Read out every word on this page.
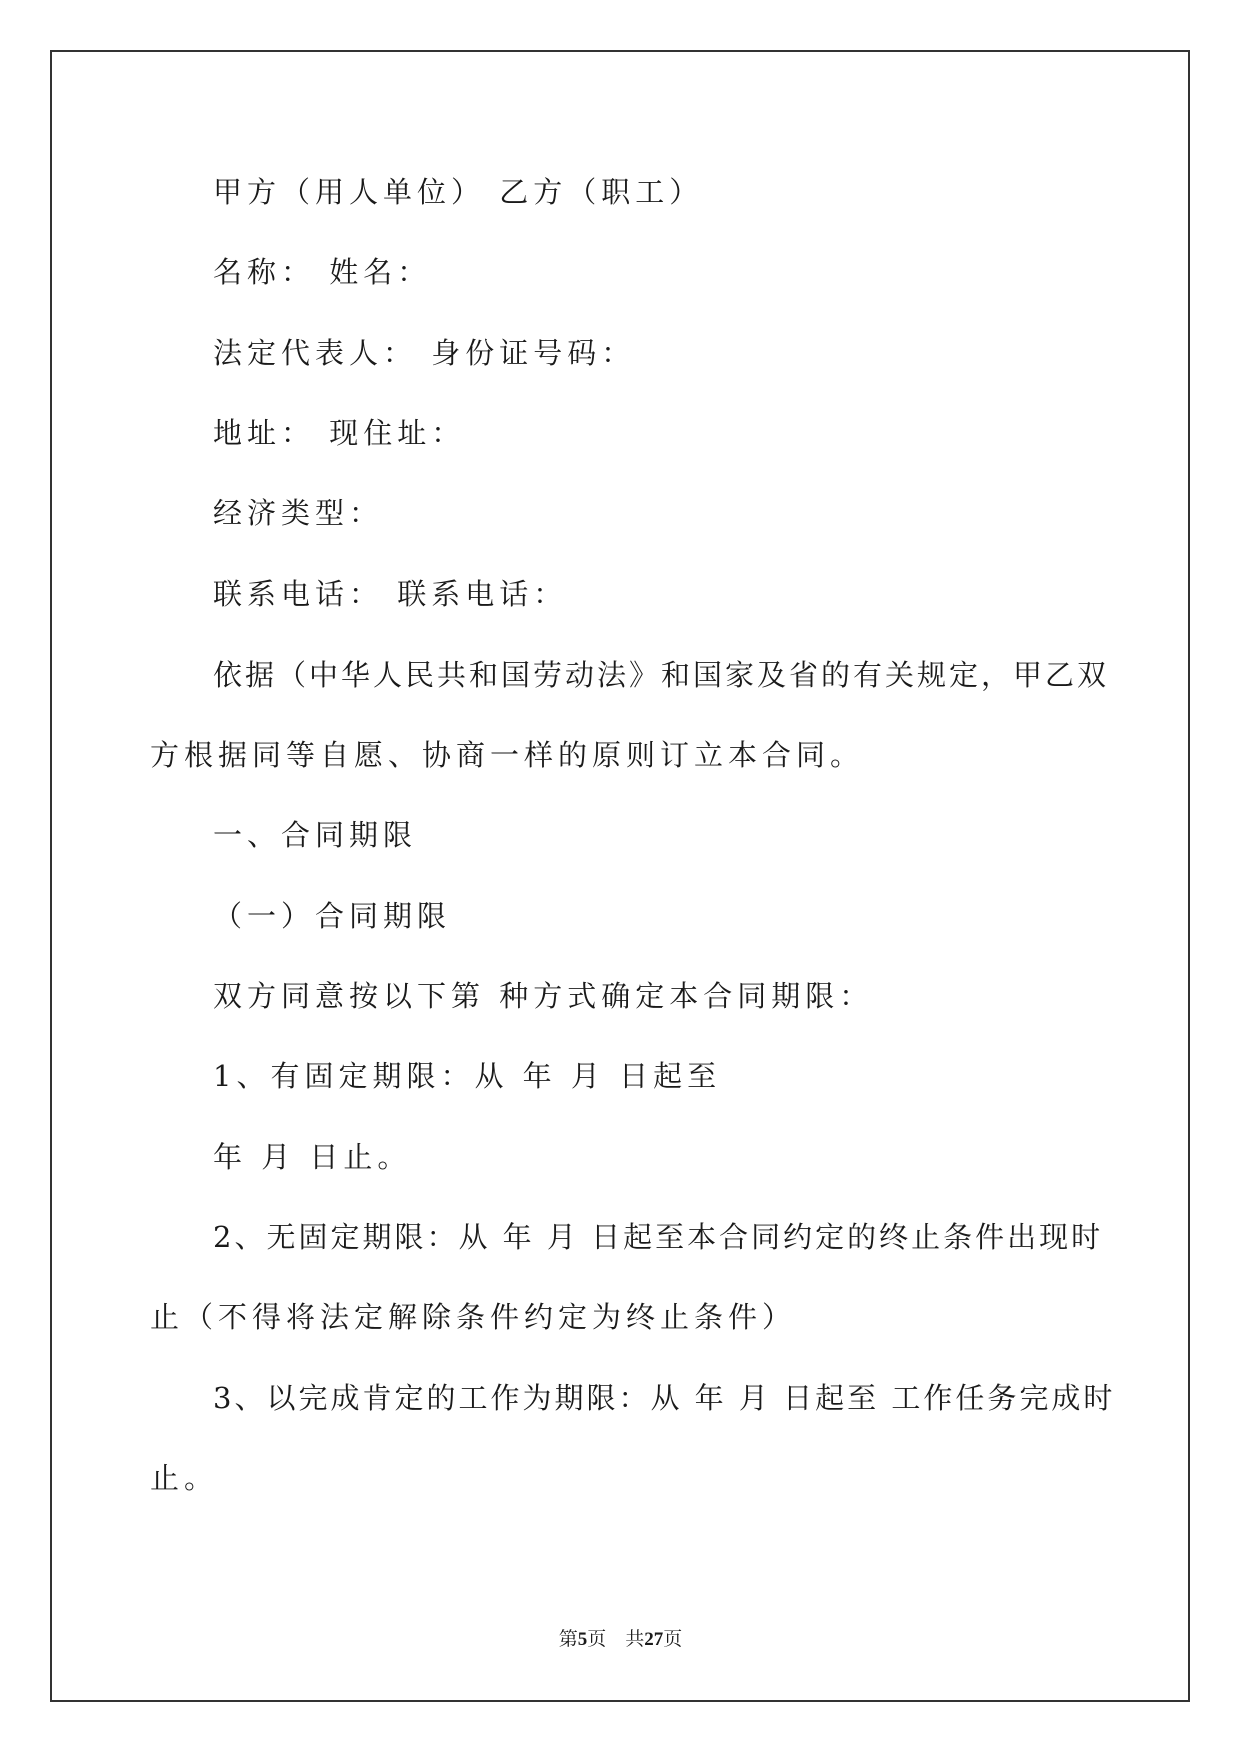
甲方（用人单位） 乙方（职工）

名称： 姓名：

法定代表人： 身份证号码：

地址： 现住址：

经济类型：

联系电话： 联系电话：

依据（中华人民共和国劳动法》和国家及省的有关规定，甲乙双

方根据同等自愿、协商一样的原则订立本合同。

一、合同期限

（一）合同期限

双方同意按以下第 种方式确定本合同期限：

1、有固定期限：从 年 月 日起至

年 月 日止。

2、无固定期限：从 年 月 日起至本合同约定的终止条件出现时

止（不得将法定解除条件约定为终止条件）

3、以完成肯定的工作为期限：从 年 月 日起至 工作任务完成时

止。

第5页 共27页
